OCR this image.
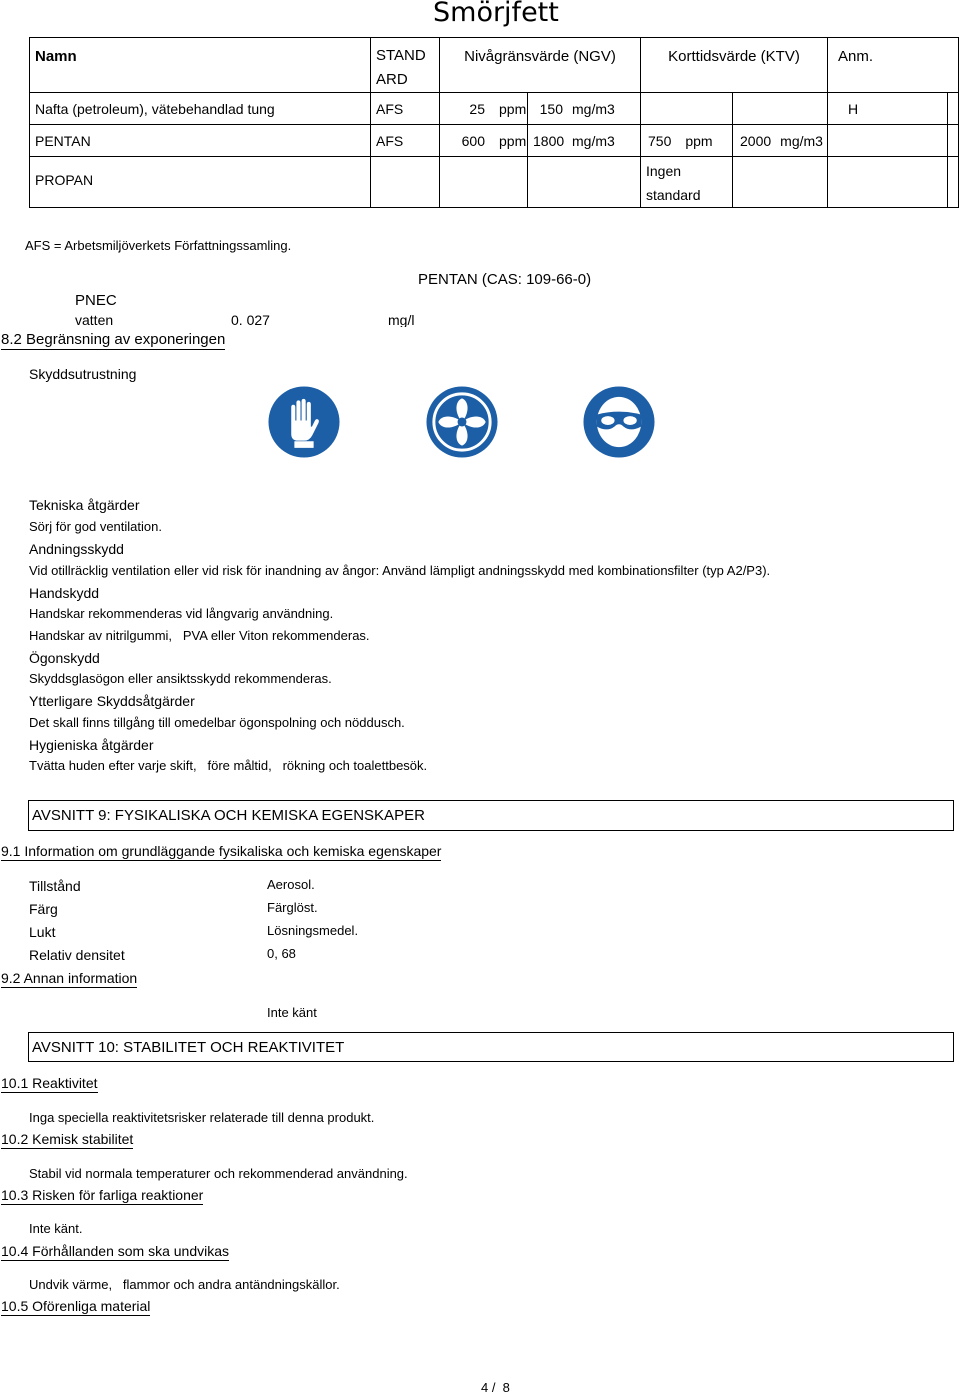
Smörjfett
Namn	STAND ARD	Nivågränsvärde (NGV)		Korttidsvärde (KTV)		Anm.	
Nafta (petroleum), vätebehandlad tung	AFS	25 ppm	150 mg/m3			H	
PENTAN	AFS	600 ppm	1800 mg/m3	750 ppm	2000 mg/m3		
PROPAN				Ingen standard			
AFS = Arbetsmiljöverkets Författningssamling.
PENTAN (CAS: 109-66-0)
PNEC
vatten	0. 027	mg/l
8.2 Begränsning av exponeringen
Skyddsutrustning
Tekniska åtgärder
Sörj för god ventilation.
Andningsskydd
Vid otillräcklig ventilation eller vid risk för inandning av ångor: Använd lämpligt andningsskydd med kombinationsfilter (typ A2/P3).
Handskydd
Handskar rekommenderas vid långvarig användning.
Handskar av nitrilgummi,   PVA eller Viton rekommenderas.
Ögonskydd
Skyddsglasögon eller ansiktsskydd rekommenderas.
Ytterligare Skyddsåtgärder
Det skall finns tillgång till omedelbar ögonspolning och nöddusch.
Hygieniska åtgärder
Tvätta huden efter varje skift,   före måltid,   rökning och toalettbesök.
AVSNITT 9: FYSIKALISKA OCH KEMISKA EGENSKAPER
9.1 Information om grundläggande fysikaliska och kemiska egenskaper
Tillstånd	Aerosol.
Färg	Färglöst.
Lukt	Lösningsmedel.
Relativ densitet	0, 68
9.2 Annan information
Inte känt
AVSNITT 10: STABILITET OCH REAKTIVITET
10.1 Reaktivitet
Inga speciella reaktivitetsrisker relaterade till denna produkt.
10.2 Kemisk stabilitet
Stabil vid normala temperaturer och rekommenderad användning.
10.3 Risken för farliga reaktioner
Inte känt.
10.4 Förhållanden som ska undvikas
Undvik värme,   flammor och andra antändningskällor.
10.5 Oförenliga material
4 /  8
